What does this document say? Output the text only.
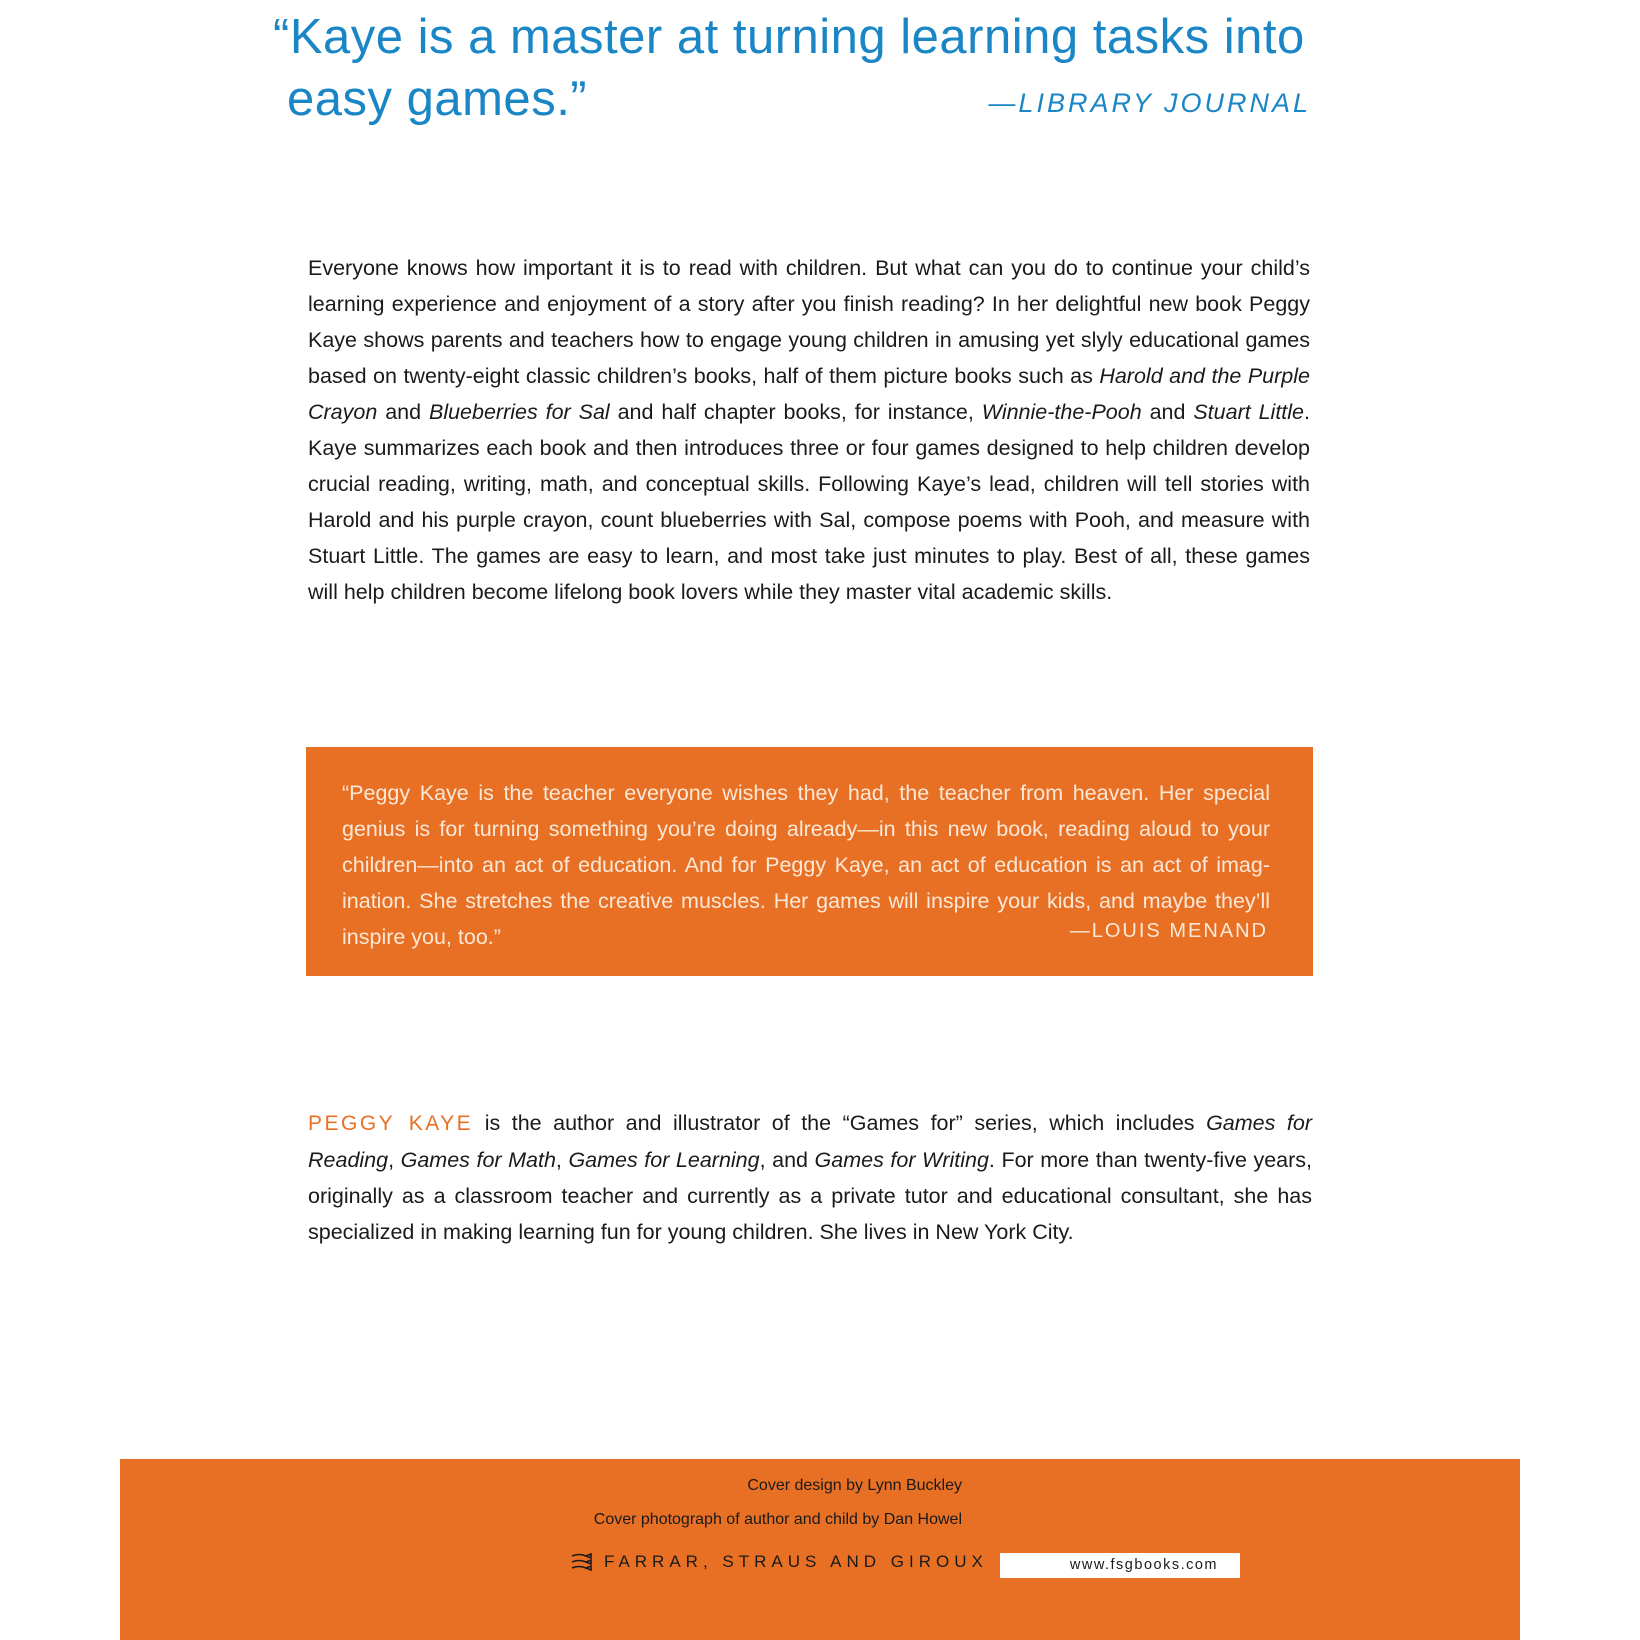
“Kaye is a master at turning learning tasks into
easy games.”	—LIBRARY JOURNAL

Everyone knows how important it is to read with children. But what can you do to continue your child’s learning experience and enjoyment of a story after you finish reading? In her delightful new book Peggy Kaye shows parents and teachers how to engage young children in amusing yet slyly educational games based on twenty-eight classic children’s books, half of them picture books such as Harold and the Purple Crayon and Blueberries for Sal and half chapter books, for instance, Winnie-the-Pooh and Stuart Little. Kaye summarizes each book and then introduces three or four games designed to help children develop crucial reading, writing, math, and conceptual skills. Following Kaye’s lead, children will tell stories with Harold and his purple crayon, count blueberries with Sal, compose poems with Pooh, and measure with Stuart Little. The games are easy to learn, and most take just minutes to play. Best of all, these games will help children become lifelong book lovers while they master vital academic skills.

“Peggy Kaye is the teacher everyone wishes they had, the teacher from heaven. Her special genius is for turning something you’re doing already—in this new book, reading aloud to your children—into an act of education. And for Peggy Kaye, an act of education is an act of imagination. She stretches the creative muscles. Her games will inspire your kids, and maybe they’ll inspire you, too.”	—LOUIS MENAND

PEGGY KAYE is the author and illustrator of the “Games for” series, which includes Games for Reading, Games for Math, Games for Learning, and Games for Writing. For more than twenty-five years, originally as a classroom teacher and currently as a private tutor and educational consultant, she has specialized in making learning fun for young children. She lives in New York City.

Cover design by Lynn Buckley
Cover photograph of author and child by Dan Howel
FARRAR, STRAUS AND GIROUX	www.fsgbooks.com
